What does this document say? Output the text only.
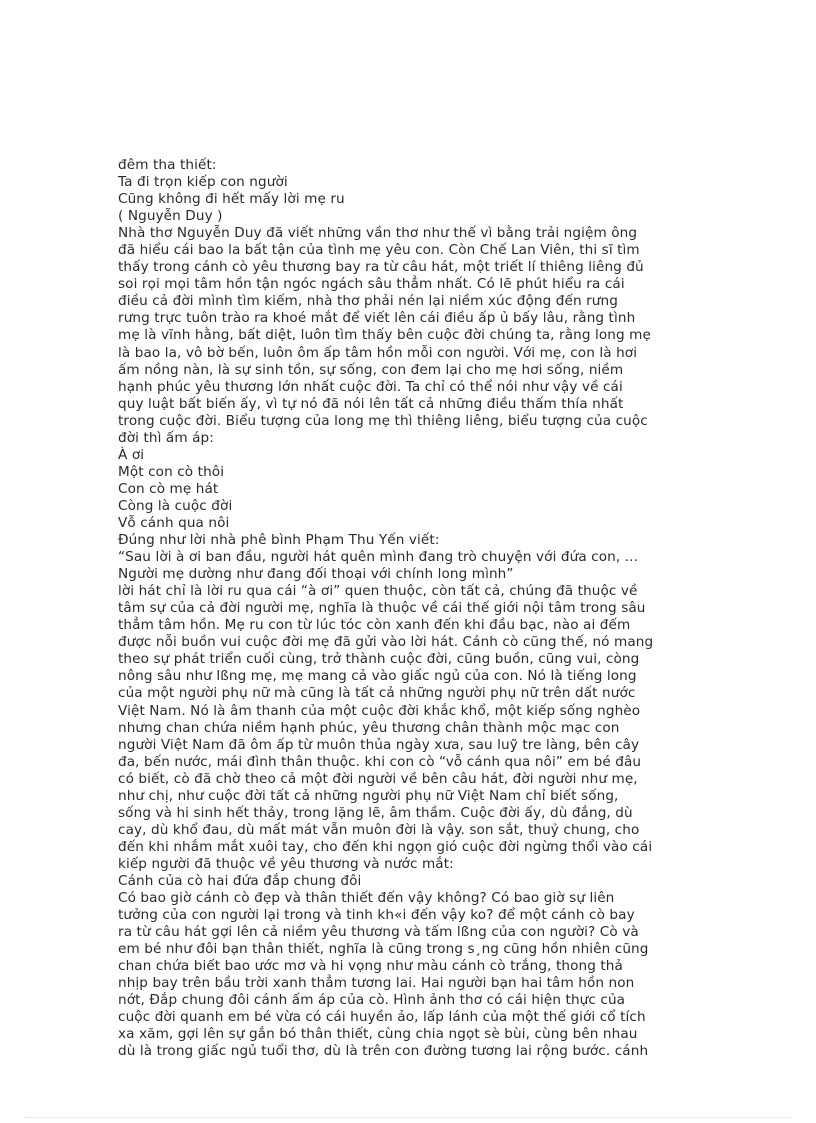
đêm tha thiết:
Ta đi trọn kiếp con người
Cũng không đi hết mấy lời mẹ ru
( Nguyễn Duy )
Nhà thơ Nguyễn Duy đã viết những vần thơ như thế vì bằng trải ngiệm ông
đã hiểu cái bao la bất tận của tình mẹ yêu con. Còn Chế Lan Viên, thi sĩ tìm
thấy trong cánh cò yêu thương bay ra từ câu hát, một triết lí thiêng liêng đủ
soi rọi mọi tâm hồn tận ngóc ngách sâu thẳm nhất. Có lẽ phút hiểu ra cái
điều cả đời mình tìm kiếm, nhà thơ phải nén lại niềm xúc động đến rưng
rưng trực tuôn trào ra khoé mắt để viết lên cái điều ấp ủ bấy lâu, rằng tình
mẹ là vĩnh hằng, bất diệt, luôn tìm thấy bên cuộc đời chúng ta, rằng long mẹ
là bao la, vô bờ bến, luôn ôm ấp tâm hồn mỗi con người. Với mẹ, con là hơi
ấm nồng nàn, là sự sinh tồn, sự sống, con đem lại cho mẹ hơi sống, niềm
hạnh phúc yêu thương lớn nhất cuộc đời. Ta chỉ có thể nói như vậy về cái
quy luật bất biến ấy, vì tự nó đã nói lên tất cả những điều thấm thía nhất
trong cuộc đời. Biểu tượng của long mẹ thì thiêng liêng, biểu tượng của cuộc
đời thì ấm áp:
À ơi
Một con cò thôi
Con cò mẹ hát
Còng là cuộc đời
Vỗ cánh qua nôi
Đúng như lời nhà phê bình Phạm Thu Yến viết:
“Sau lời à ơi ban đầu, người hát quên mình đang trò chuyện với đứa con, ...
Người mẹ dường như đang đối thoại với chính long mình”
lời hát chỉ là lời ru qua cái “à ơi” quen thuộc, còn tất cả, chúng đã thuộc về
tâm sự của cả đời người mẹ, nghĩa là thuộc về cái thế giới nội tâm trong sâu
thẳm tâm hồn. Mẹ ru con từ lúc tóc còn xanh đến khi đầu bạc, nào ai đếm
được nỗi buồn vui cuộc đời mẹ đã gửi vào lời hát. Cánh cò cũng thế, nó mang
theo sự phát triển cuối cùng, trở thành cuộc đời, cũng buồn, cũng vui, còng
nông sâu như lßng mẹ, mẹ mang cả vào giấc ngủ của con. Nó là tiếng long
của một người phụ nữ mà cũng là tất cả những người phụ nữ trên dất nước
Việt Nam. Nó là âm thanh của một cuộc đời khắc khổ, một kiếp sống nghèo
nhưng chan chứa niềm hạnh phúc, yêu thương chân thành mộc mạc con
người Việt Nam đã ôm ấp từ muôn thủa ngày xưa, sau luỹ tre làng, bên cây
đa, bến nước, mái đình thân thuộc. khi con cò “vỗ cánh qua nôi” em bé đâu
có biết, cò đã chờ theo cả một đời người về bên câu hát, đời người như mẹ,
như chị, như cuộc đời tất cả những người phụ nữ Việt Nam chỉ biết sống,
sống và hi sinh hết thảy, trong lặng lẽ, âm thầm. Cuộc đời ấy, dù đắng, dù
cay, dù khổ đau, dù mất mát vẫn muôn đời là vậy. son sắt, thuỷ chung, cho
đến khi nhắm mắt xuôi tay, cho đến khi ngọn gió cuộc đời ngừng thổi vào cái
kiếp người đã thuộc về yêu thương và nước mắt:
Cánh của cò hai đứa đắp chung đôi
Có bao giờ cánh cò đẹp và thân thiết đến vậy không? Có bao giờ sự liên
tưởng của con người lại trong và tinh kh«i đến vậy ko? để một cánh cò bay
ra từ câu hát gợi lên cả niềm yêu thương và tấm lßng của con người? Cò và
em bé như đôi bạn thân thiết, nghĩa là cũng trong s¸ng cũng hồn nhiên cũng
chan chứa biết bao ước mơ và hi vọng như màu cánh cò trắng, thong thả
nhịp bay trên bầu trời xanh thẳm tương lai. Hai người bạn hai tâm hồn non
nớt, Đắp chung đôi cánh ấm áp của cò. Hình ảnh thơ có cái hiện thực của
cuộc đời quanh em bé vừa có cái huyền ảo, lấp lánh của một thế giới cổ tích
xa xăm, gợi lên sự gắn bó thân thiết, cùng chia ngọt sè bùi, cùng bên nhau
dù là trong giấc ngủ tuổi thơ, dù là trên con đường tương lai rộng bước. cánh
